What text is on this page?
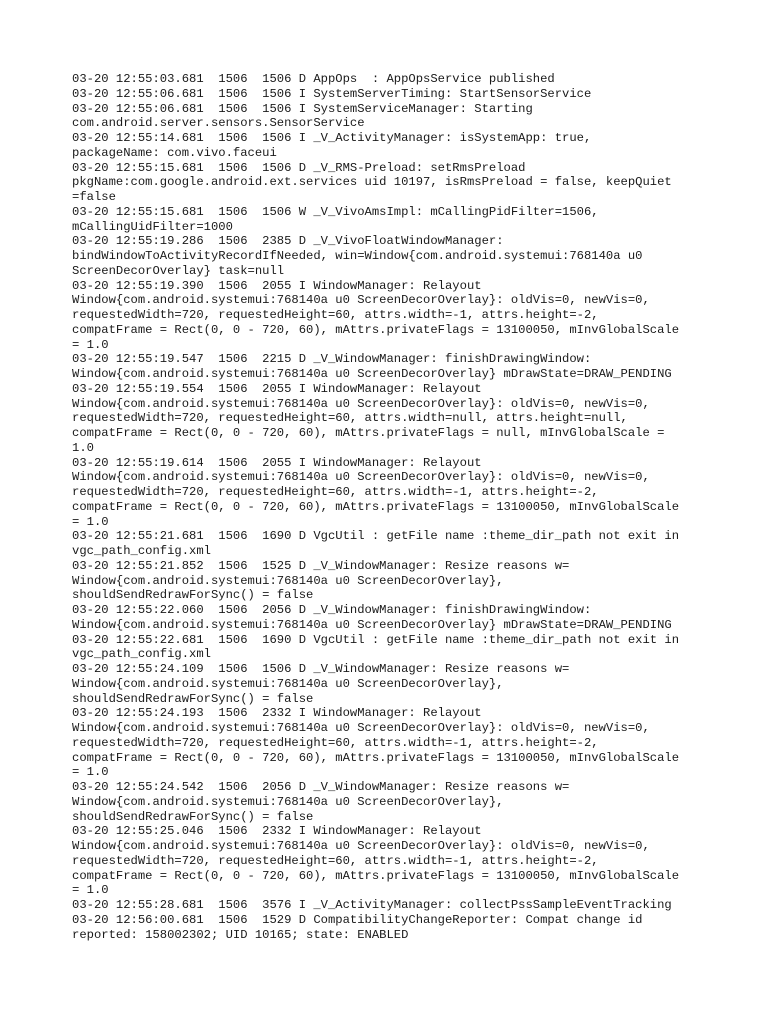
03-20 12:55:03.681  1506  1506 D AppOps  : AppOpsService published
03-20 12:55:06.681  1506  1506 I SystemServerTiming: StartSensorService
03-20 12:55:06.681  1506  1506 I SystemServiceManager: Starting
com.android.server.sensors.SensorService
03-20 12:55:14.681  1506  1506 I _V_ActivityManager: isSystemApp: true,
packageName: com.vivo.faceui
03-20 12:55:15.681  1506  1506 D _V_RMS-Preload: setRmsPreload
pkgName:com.google.android.ext.services uid 10197, isRmsPreload = false, keepQuiet
=false
03-20 12:55:15.681  1506  1506 W _V_VivoAmsImpl: mCallingPidFilter=1506,
mCallingUidFilter=1000
03-20 12:55:19.286  1506  2385 D _V_VivoFloatWindowManager:
bindWindowToActivityRecordIfNeeded, win=Window{com.android.systemui:768140a u0
ScreenDecorOverlay} task=null
03-20 12:55:19.390  1506  2055 I WindowManager: Relayout
Window{com.android.systemui:768140a u0 ScreenDecorOverlay}: oldVis=0, newVis=0,
requestedWidth=720, requestedHeight=60, attrs.width=-1, attrs.height=-2,
compatFrame = Rect(0, 0 - 720, 60), mAttrs.privateFlags = 13100050, mInvGlobalScale
= 1.0
03-20 12:55:19.547  1506  2215 D _V_WindowManager: finishDrawingWindow:
Window{com.android.systemui:768140a u0 ScreenDecorOverlay} mDrawState=DRAW_PENDING
03-20 12:55:19.554  1506  2055 I WindowManager: Relayout
Window{com.android.systemui:768140a u0 ScreenDecorOverlay}: oldVis=0, newVis=0,
requestedWidth=720, requestedHeight=60, attrs.width=null, attrs.height=null,
compatFrame = Rect(0, 0 - 720, 60), mAttrs.privateFlags = null, mInvGlobalScale =
1.0
03-20 12:55:19.614  1506  2055 I WindowManager: Relayout
Window{com.android.systemui:768140a u0 ScreenDecorOverlay}: oldVis=0, newVis=0,
requestedWidth=720, requestedHeight=60, attrs.width=-1, attrs.height=-2,
compatFrame = Rect(0, 0 - 720, 60), mAttrs.privateFlags = 13100050, mInvGlobalScale
= 1.0
03-20 12:55:21.681  1506  1690 D VgcUtil : getFile name :theme_dir_path not exit in
vgc_path_config.xml
03-20 12:55:21.852  1506  1525 D _V_WindowManager: Resize reasons w=
Window{com.android.systemui:768140a u0 ScreenDecorOverlay},
shouldSendRedrawForSync() = false
03-20 12:55:22.060  1506  2056 D _V_WindowManager: finishDrawingWindow:
Window{com.android.systemui:768140a u0 ScreenDecorOverlay} mDrawState=DRAW_PENDING
03-20 12:55:22.681  1506  1690 D VgcUtil : getFile name :theme_dir_path not exit in
vgc_path_config.xml
03-20 12:55:24.109  1506  1506 D _V_WindowManager: Resize reasons w=
Window{com.android.systemui:768140a u0 ScreenDecorOverlay},
shouldSendRedrawForSync() = false
03-20 12:55:24.193  1506  2332 I WindowManager: Relayout
Window{com.android.systemui:768140a u0 ScreenDecorOverlay}: oldVis=0, newVis=0,
requestedWidth=720, requestedHeight=60, attrs.width=-1, attrs.height=-2,
compatFrame = Rect(0, 0 - 720, 60), mAttrs.privateFlags = 13100050, mInvGlobalScale
= 1.0
03-20 12:55:24.542  1506  2056 D _V_WindowManager: Resize reasons w=
Window{com.android.systemui:768140a u0 ScreenDecorOverlay},
shouldSendRedrawForSync() = false
03-20 12:55:25.046  1506  2332 I WindowManager: Relayout
Window{com.android.systemui:768140a u0 ScreenDecorOverlay}: oldVis=0, newVis=0,
requestedWidth=720, requestedHeight=60, attrs.width=-1, attrs.height=-2,
compatFrame = Rect(0, 0 - 720, 60), mAttrs.privateFlags = 13100050, mInvGlobalScale
= 1.0
03-20 12:55:28.681  1506  3576 I _V_ActivityManager: collectPssSampleEventTracking
03-20 12:56:00.681  1506  1529 D CompatibilityChangeReporter: Compat change id
reported: 158002302; UID 10165; state: ENABLED
